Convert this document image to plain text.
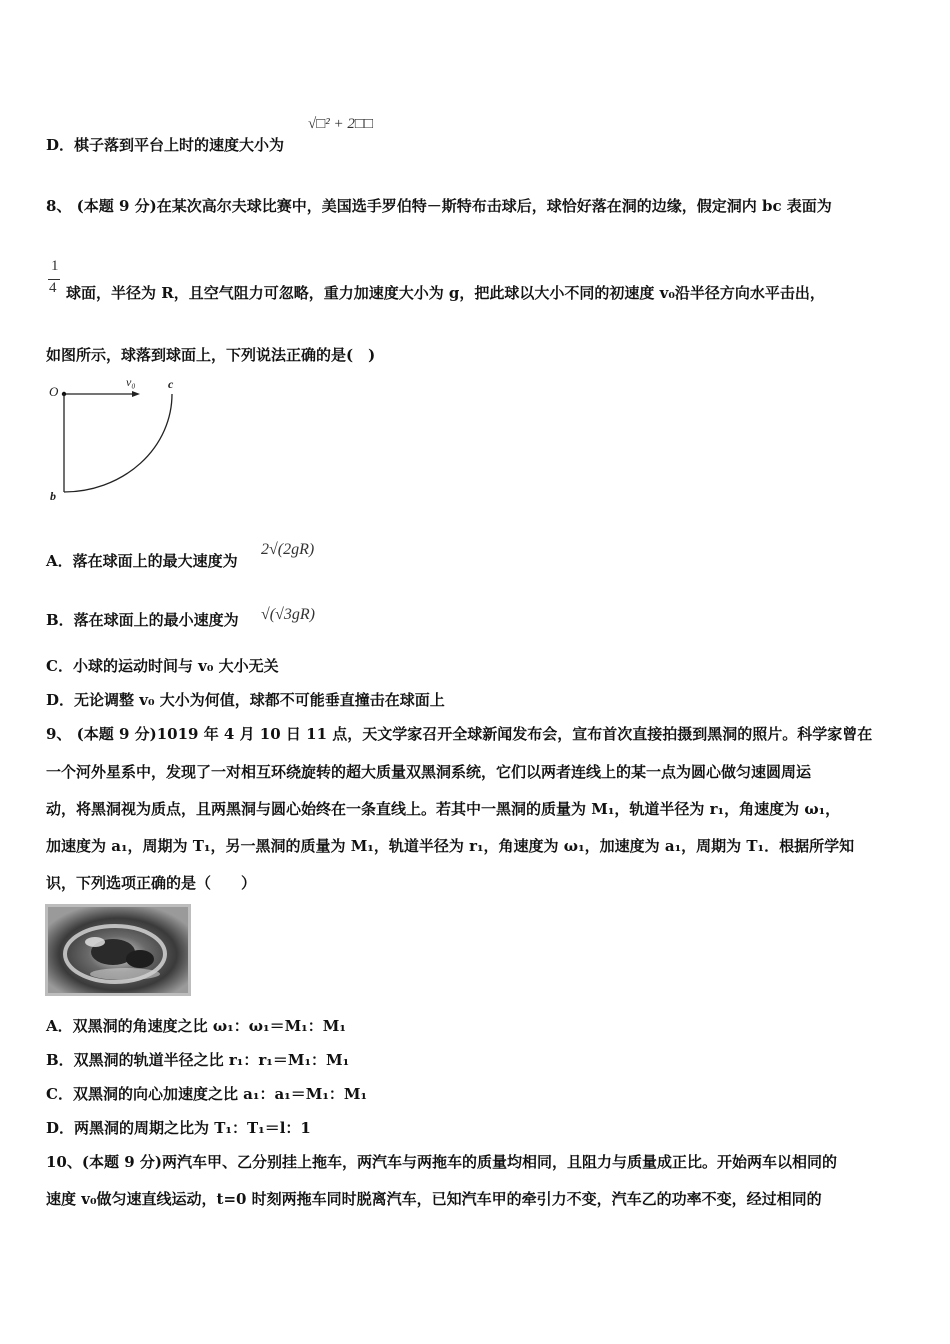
D．棋子落到平台上时的速度大小为
√□² + 2□□
8、 (本题 9 分)在某次高尔夫球比赛中，美国选手罗伯特－斯特布击球后，球恰好落在洞的边缘，假定洞内 bc 表面为
1
4 球面，半径为 R，且空气阻力可忽略，重力加速度大小为 g，把此球以大小不同的初速度 v₀沿半径方向水平击出，
如图所示，球落到球面上，下列说法正确的是(　)
O
v₀	c
b
A．落在球面上的最大速度为
2√(2gR)
B．落在球面上的最小速度为 √(√3gR)
C．小球的运动时间与 v₀ 大小无关
D．无论调整 v₀ 大小为何值，球都不可能垂直撞击在球面上
9、 (本题 9 分)1019 年 4 月 10 日 11 点，天文学家召开全球新闻发布会，宣布首次直接拍摄到黑洞的照片。科学家曾在
一个河外星系中，发现了一对相互环绕旋转的超大质量双黑洞系统，它们以两者连线上的某一点为圆心做匀速圆周运
动，将黑洞视为质点，且两黑洞与圆心始终在一条直线上。若其中一黑洞的质量为 M₁，轨道半径为 r₁，角速度为 ω₁，
加速度为 a₁，周期为 T₁，另一黑洞的质量为 M₁，轨道半径为 r₁，角速度为 ω₁，加速度为 a₁，周期为 T₁．根据所学知
识，下列选项正确的是（　　）
A．双黑洞的角速度之比 ω₁：ω₁＝M₁：M₁
B．双黑洞的轨道半径之比 r₁：r₁＝M₁：M₁
C．双黑洞的向心加速度之比 a₁：a₁＝M₁：M₁
D．两黑洞的周期之比为 T₁：T₁＝l：1
10、(本题 9 分)两汽车甲、乙分别挂上拖车，两汽车与两拖车的质量均相同，且阻力与质量成正比。开始两车以相同的
速度 v₀做匀速直线运动，t=0 时刻两拖车同时脱离汽车，已知汽车甲的牵引力不变，汽车乙的功率不变，经过相同的
